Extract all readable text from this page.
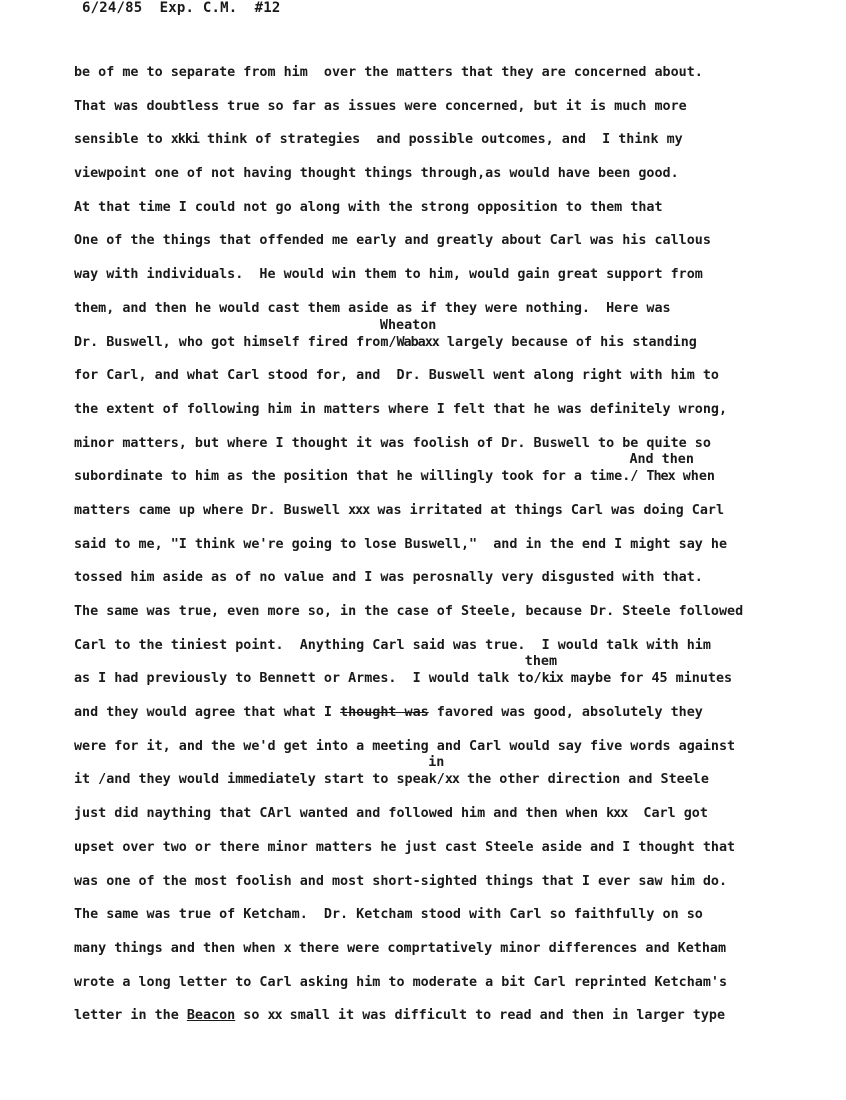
6/24/85 Exp. C.M. #12
be of me to separate from him  over the matters that they are concerned about.
That was doubtless true so far as issues were concerned, but it is much more
sensible to xkki think of strategies  and possible outcomes, and  I think my
viewpoint one of not having thought things through,as would have been good.
At that time I could not go along with the strong opposition to them that
One of the things that offended me early and greatly about Carl was his callous
way with individuals.  He would win them to him, would gain great support from
them, and then he would cast them aside as if they were nothing.  Here was
Dr. Buswell, who got himself fired from/Wabaxx largely because of his standing
Wheaton
for Carl, and what Carl stood for, and  Dr. Buswell went along right with him to
the extent of following him in matters where I felt that he was definitely wrong,
minor matters, but where I thought it was foolish of Dr. Buswell to be quite so
subordinate to him as the position that he willingly took for a time./ Thex when
And then
matters came up where Dr. Buswell xxx was irritated at things Carl was doing Carl
said to me, "I think we're going to lose Buswell,"  and in the end I might say he
tossed him aside as of no value and I was perosnally very disgusted with that.
The same was true, even more so, in the case of Steele, because Dr. Steele followed
Carl to the tiniest point.  Anything Carl said was true.  I would talk with him
as I had previously to Bennett or Armes.  I would talk to/kix maybe for 45 minutes
them
and they would agree that what I thought was favored was good, absolutely they
were for it, and the we'd get into a meeting and Carl would say five words against
it /and they would immediately start to speak/xx the other direction and Steele
in
just did naything that CArl wanted and followed him and then when kxx  Carl got
upset over two or there minor matters he just cast Steele aside and I thought that
was one of the most foolish and most short-sighted things that I ever saw him do.
The same was true of Ketcham.  Dr. Ketcham stood with Carl so faithfully on so
many things and then when x there were comprtatively minor differences and Ketham
wrote a long letter to Carl asking him to moderate a bit Carl reprinted Ketcham's
letter in the Beacon so xx small it was difficult to read and then in larger type
